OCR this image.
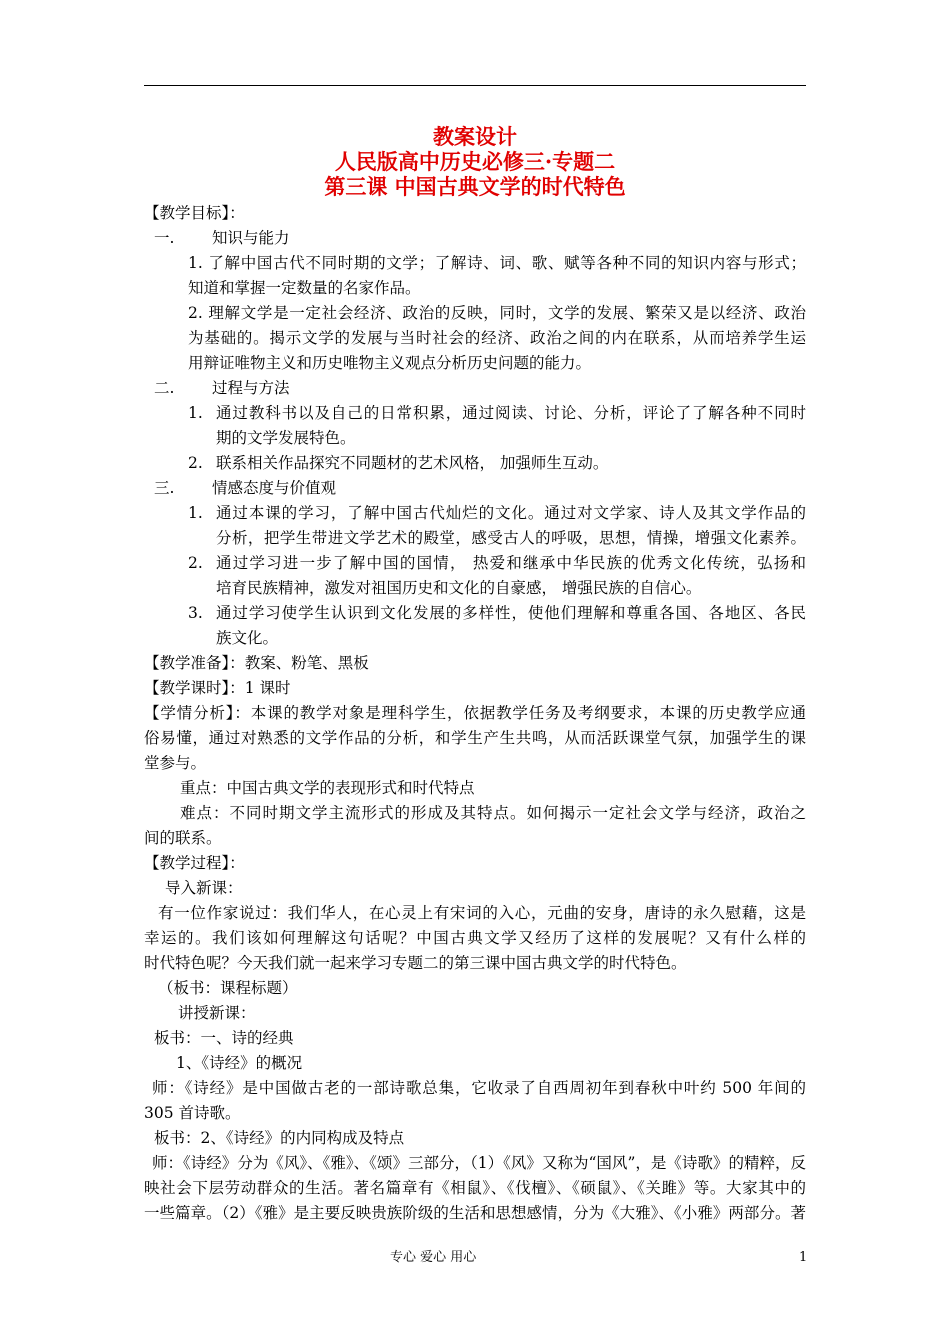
教案设计
人民版高中历史必修三·专题二
第三课 中国古典文学的时代特色
【教学目标】：
一. 知识与能力
1. 了解中国古代不同时期的文学；了解诗、词、歌、赋等各种不同的知识内容与形式；
知道和掌握一定数量的名家作品。
2. 理解文学是一定社会经济、政治的反映，同时，文学的发展、繁荣又是以经济、政治
为基础的。揭示文学的发展与当时社会的经济、政治之间的内在联系，从而培养学生运
用辩证唯物主义和历史唯物主义观点分析历史问题的能力。
二. 过程与方法
1. 通过教科书以及自己的日常积累，通过阅读、讨论、分析，评论了了解各种不同时
期的文学发展特色。
2. 联系相关作品探究不同题材的艺术风格， 加强师生互动。
三. 情感态度与价值观
1. 通过本课的学习，了解中国古代灿烂的文化。通过对文学家、诗人及其文学作品的
分析，把学生带进文学艺术的殿堂，感受古人的呼吸，思想，情操，增强文化素养。
2. 通过学习进一步了解中国的国情， 热爱和继承中华民族的优秀文化传统，弘扬和
培育民族精神，激发对祖国历史和文化的自豪感， 增强民族的自信心。
3. 通过学习使学生认识到文化发展的多样性，使他们理解和尊重各国、各地区、各民
族文化。
【教学准备】：教案、粉笔、黑板
【教学课时】：1 课时
【学情分析】：本课的教学对象是理科学生，依据教学任务及考纲要求，本课的历史教学应通
俗易懂，通过对熟悉的文学作品的分析，和学生产生共鸣，从而活跃课堂气氛，加强学生的课
堂参与。
重点：中国古典文学的表现形式和时代特点
难点：不同时期文学主流形式的形成及其特点。如何揭示一定社会文学与经济，政治之
间的联系。
【教学过程】：
导入新课：
有一位作家说过：我们华人，在心灵上有宋词的入心，元曲的安身，唐诗的永久慰藉，这是
幸运的。我们该如何理解这句话呢？中国古典文学又经历了这样的发展呢？又有什么样的
时代特色呢？今天我们就一起来学习专题二的第三课中国古典文学的时代特色。
（板书：课程标题）
讲授新课：
板书：一、诗的经典
1、《诗经》的概况
师：《诗经》是中国做古老的一部诗歌总集，它收录了自西周初年到春秋中叶约 500 年间的
305 首诗歌。
板书：2、《诗经》的内同构成及特点
师：《诗经》分为《风》、《雅》、《颂》三部分，（1）《风》又称为“国风”，是《诗歌》的精粹，反
映社会下层劳动群众的生活。著名篇章有《相鼠》、《伐檀》、《硕鼠》、《关雎》等。大家其中的
一些篇章。（2）《雅》是主要反映贵族阶级的生活和思想感情，分为《大雅》、《小雅》两部分。著
专心 爱心 用心	1
